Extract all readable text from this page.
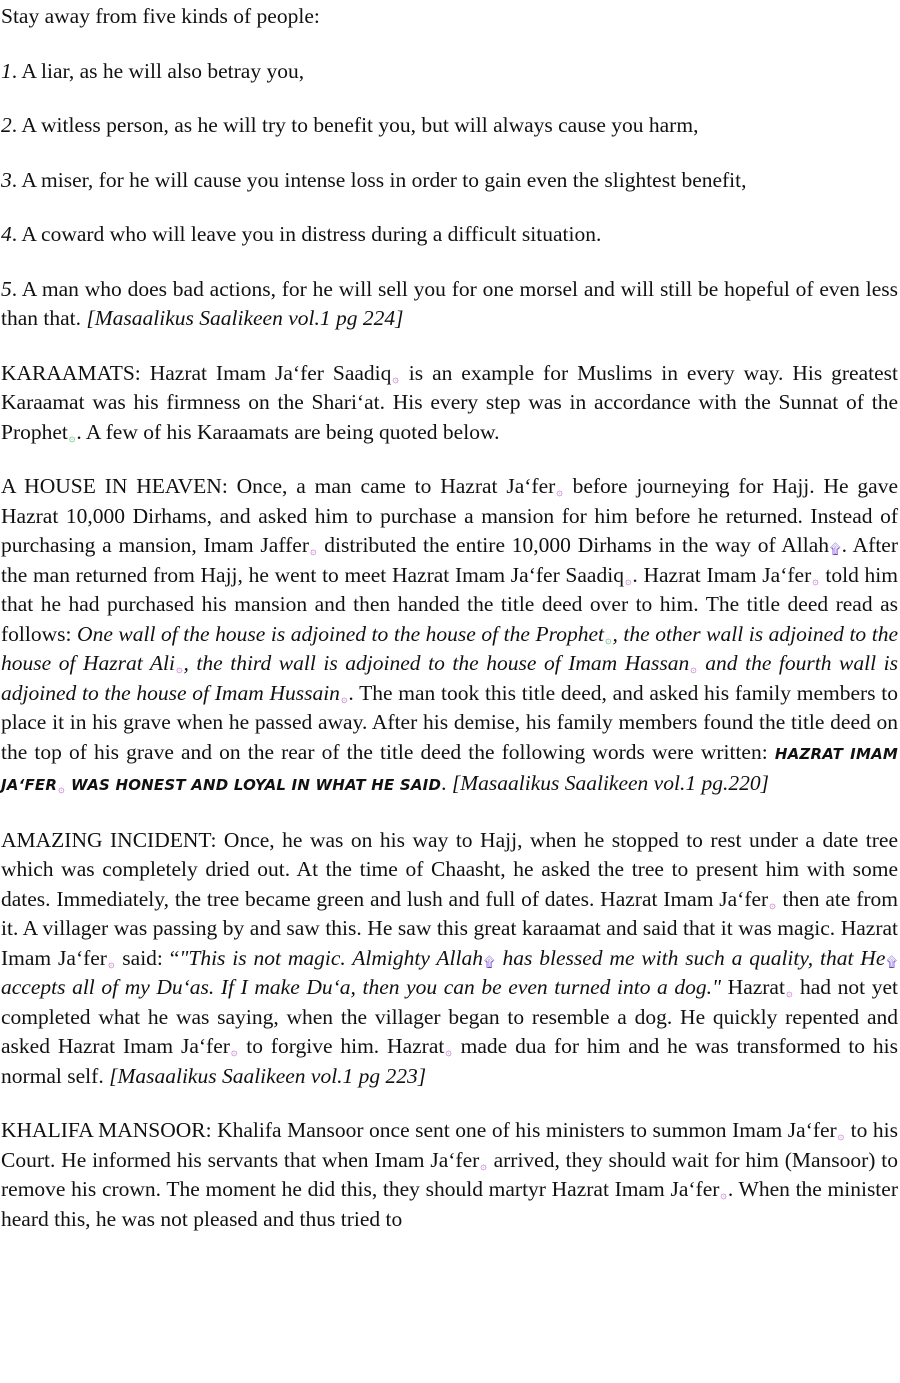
Stay away from five kinds of people:

1. A liar, as he will also betray you,

2. A witless person, as he will try to benefit you, but will always cause you harm,

3. A miser, for he will cause you intense loss in order to gain even the slightest benefit,

4. A coward who will leave you in distress during a difficult situation.

5. A man who does bad actions, for he will sell you for one morsel and will still be hopeful of even less than that. [Masaalikus Saalikeen vol.1 pg 224]

KARAAMATS: Hazrat Imam Ja‘fer Saadiq۞ is an example for Muslims in every way. His greatest Karaamat was his firmness on the Shari‘at. His every step was in accordance with the Sunnat of the Prophet۞. A few of his Karaamats are being quoted below.

A HOUSE IN HEAVEN: Once, a man came to Hazrat Ja‘fer۞ before journeying for Hajj. He gave Hazrat 10,000 Dirhams, and asked him to purchase a mansion for him before he returned. Instead of purchasing a mansion, Imam Jaffer۞ distributed the entire 10,000 Dirhams in the way of Allah۩. After the man returned from Hajj, he went to meet Hazrat Imam Ja‘fer Saadiq۞. Hazrat Imam Ja‘fer۞ told him that he had purchased his mansion and then handed the title deed over to him. The title deed read as follows: One wall of the house is adjoined to the house of the Prophet۞, the other wall is adjoined to the house of Hazrat Ali۞, the third wall is adjoined to the house of Imam Hassan۞ and the fourth wall is adjoined to the house of Imam Hussain۞. The man took this title deed, and asked his family members to place it in his grave when he passed away. After his demise, his family members found the title deed on the top of his grave and on the rear of the title deed the following words were written: HAZRAT IMAM JA‘FER۞ WAS HONEST AND LOYAL IN WHAT HE SAID. [Masaalikus Saalikeen vol.1 pg.220]

AMAZING INCIDENT: Once, he was on his way to Hajj, when he stopped to rest under a date tree which was completely dried out. At the time of Chaasht, he asked the tree to present him with some dates. Immediately, the tree became green and lush and full of dates. Hazrat Imam Ja‘fer۞ then ate from it. A villager was passing by and saw this. He saw this great karaamat and said that it was magic. Hazrat Imam Ja‘fer۞ said: “"This is not magic. Almighty Allah۩ has blessed me with such a quality, that He۩ accepts all of my Du‘as. If I make Du‘a, then you can be even turned into a dog." Hazrat۞ had not yet completed what he was saying, when the villager began to resemble a dog. He quickly repented and asked Hazrat Imam Ja‘fer۞ to forgive him. Hazrat۞ made dua for him and he was transformed to his normal self. [Masaalikus Saalikeen vol.1 pg 223]

KHALIFA MANSOOR: Khalifa Mansoor once sent one of his ministers to summon Imam Ja‘fer۞ to his Court. He informed his servants that when Imam Ja‘fer۞ arrived, they should wait for him (Mansoor) to remove his crown. The moment he did this, they should martyr Hazrat Imam Ja‘fer۞. When the minister heard this, he was not pleased and thus tried to
